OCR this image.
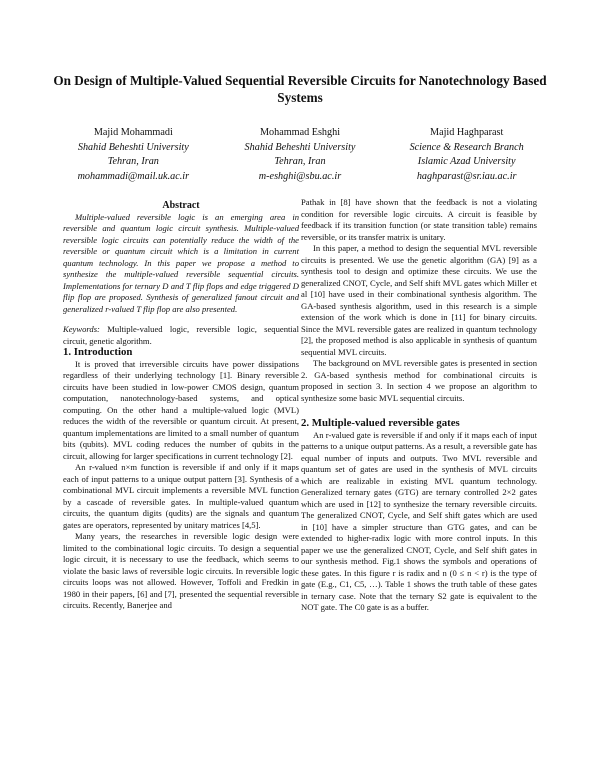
On Design of Multiple-Valued Sequential Reversible Circuits for Nanotechnology Based Systems
Majid Mohammadi
Shahid Beheshti University
Tehran, Iran
mohammadi@mail.uk.ac.ir
Mohammad Eshghi
Shahid Beheshti University
Tehran, Iran
m-eshghi@sbu.ac.ir
Majid Haghparast
Science & Research Branch
Islamic Azad University
haghparast@sr.iau.ac.ir

Abstract

Multiple-valued reversible logic is an emerging area in reversible and quantum logic circuit synthesis. Multiple-valued reversible logic circuits can potentially reduce the width of the reversible or quantum circuit which is a limitation in current quantum technology. In this paper we propose a method to synthesize the multiple-valued reversible sequential circuits. Implementations for ternary D and T flip flops and edge triggered D flip flop are proposed. Synthesis of generalized fanout circuit and generalized r-valued T flip flop are also presented.

Keywords: Multiple-valued logic, reversible logic, sequential circuit, genetic algorithm.

1. Introduction

It is proved that irreversible circuits have power dissipations regardless of their underlying technology [1]. Binary reversible circuits have been studied in low-power CMOS design, quantum computation, nanotechnology-based systems, and optical computing. On the other hand a multiple-valued logic (MVL) reduces the width of the reversible or quantum circuit. At present, quantum implementations are limited to a small number of quantum bits (qubits). MVL coding reduces the number of qubits in the circuit, allowing for larger specifications in current technology [2].

An r-valued n×m function is reversible if and only if it maps each of input patterns to a unique output pattern [3]. Synthesis of a combinational MVL circuit implements a reversible MVL function by a cascade of reversible gates. In multiple-valued quantum circuits, the quantum digits (qudits) are the signals and quantum gates are operators, represented by unitary matrices [4,5].

Many years, the researches in reversible logic design were limited to the combinational logic circuits. To design a sequential logic circuit, it is necessary to use the feedback, which seems to violate the basic laws of reversible logic circuits. In reversible logic circuits loops was not allowed. However, Toffoli and Fredkin in 1980 in their papers, [6] and [7], presented the sequential reversible circuits. Recently, Banerjee and

Pathak in [8] have shown that the feedback is not a violating condition for reversible logic circuits. A circuit is feasible by feedback if its transition function (or state transition table) remains reversible, or its transfer matrix is unitary.

In this paper, a method to design the sequential MVL reversible circuits is presented. We use the genetic algorithm (GA) [9] as a synthesis tool to design and optimize these circuits. We use the generalized CNOT, Cycle, and Self shift MVL gates which Miller et al [10] have used in their combinational synthesis algorithm. The GA-based synthesis algorithm, used in this research is a simple extension of the work which is done in [11] for binary circuits. Since the MVL reversible gates are realized in quantum technology [2], the proposed method is also applicable in synthesis of quantum sequential MVL circuits.

The background on MVL reversible gates is presented in section 2. GA-based synthesis method for combinational circuits is proposed in section 3. In section 4 we propose an algorithm to synthesize some basic MVL sequential circuits.

2. Multiple-valued reversible gates

An r-valued gate is reversible if and only if it maps each of input patterns to a unique output patterns. As a result, a reversible gate has equal number of inputs and outputs. Two MVL reversible and quantum set of gates are used in the synthesis of MVL circuits which are realizable in existing MVL quantum technology. Generalized ternary gates (GTG) are ternary controlled 2×2 gates which are used in [12] to synthesize the ternary reversible circuits. The generalized CNOT, Cycle, and Self shift gates which are used in [10] have a simpler structure than GTG gates, and can be extended to higher-radix logic with more control inputs. In this paper we use the generalized CNOT, Cycle, and Self shift gates in our synthesis method. Fig.1 shows the symbols and operations of these gates. In this figure r is radix and n (0 ≤ n < r) is the type of gate (E.g., C1, C5, …). Table 1 shows the truth table of these gates in ternary case. Note that the ternary S2 gate is equivalent to the NOT gate. The C0 gate is as a buffer.
